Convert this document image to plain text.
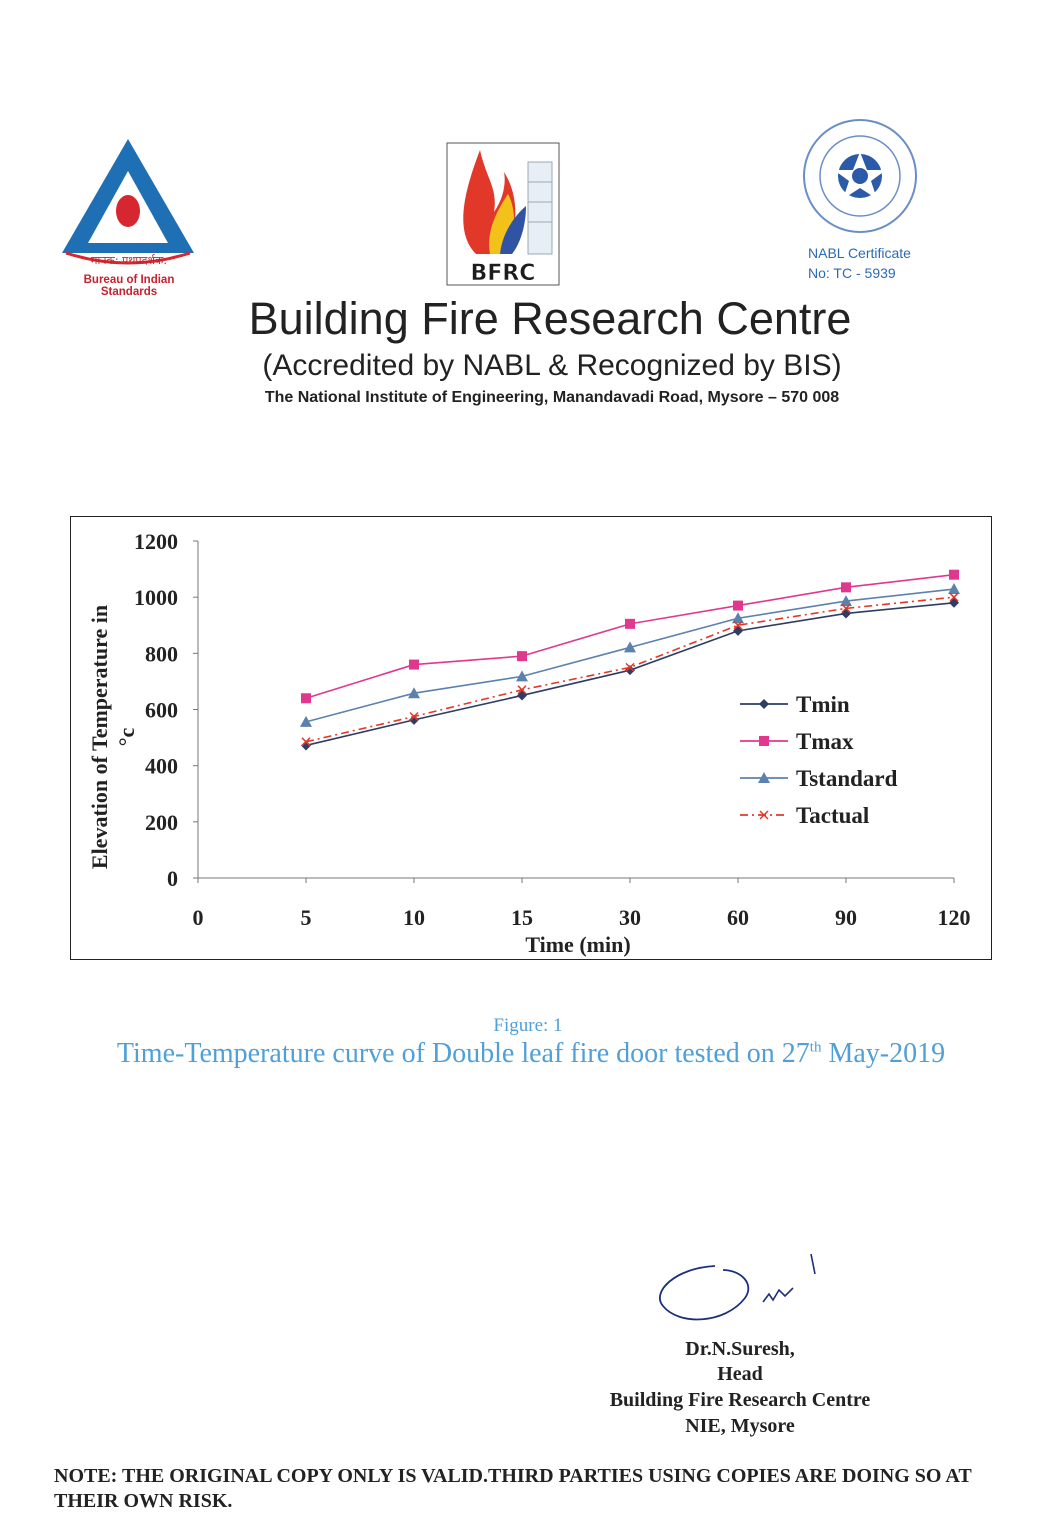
मानक: पथप्रदर्शक:
Bureau of Indian Standards
BFRC
NABL Certificate
No: TC - 5939
Building Fire Research Centre
(Accredited by NABL & Recognized by BIS)
The National Institute of Engineering, Manandavadi Road, Mysore – 570 008
0
200
400
600
800
1000
1200
0	5	10	15	30	60	90	120
Time (min)
Elevation of Temperature in °c
Tmin
Tmax
Tstandard
Tactual
Figure: 1
Time-Temperature curve of Double leaf fire door tested on 27th May-2019
Dr.N.Suresh,
Head
Building Fire Research Centre
NIE, Mysore
NOTE: THE ORIGINAL COPY ONLY IS VALID.THIRD PARTIES USING COPIES ARE DOING SO AT THEIR OWN RISK.
